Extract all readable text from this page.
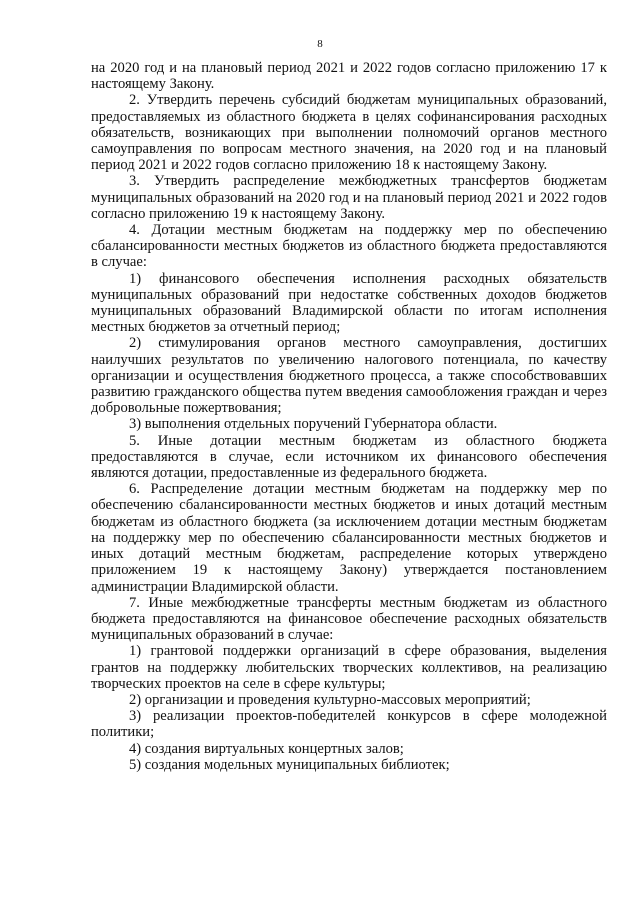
8

на 2020 год и на плановый период 2021 и 2022 годов согласно приложению 17 к настоящему Закону.

2. Утвердить перечень субсидий бюджетам муниципальных образований, предоставляемых из областного бюджета в целях софинансирования расходных обязательств, возникающих при выполнении полномочий органов местного самоуправления по вопросам местного значения, на 2020 год и на плановый период 2021 и 2022 годов согласно приложению 18 к настоящему Закону.

3. Утвердить распределение межбюджетных трансфертов бюджетам муниципальных образований на 2020 год и на плановый период 2021 и 2022 годов согласно приложению 19 к настоящему Закону.

4. Дотации местным бюджетам на поддержку мер по обеспечению сбалансированности местных бюджетов из областного бюджета предоставляются в случае:

1) финансового обеспечения исполнения расходных обязательств муниципальных образований при недостатке собственных доходов бюджетов муниципальных образований Владимирской области по итогам исполнения местных бюджетов за отчетный период;

2) стимулирования органов местного самоуправления, достигших наилучших результатов по увеличению налогового потенциала, по качеству организации и осуществления бюджетного процесса, а также способствовавших развитию гражданского общества путем введения самообложения граждан и через добровольные пожертвования;

3) выполнения отдельных поручений Губернатора области.

5. Иные дотации местным бюджетам из областного бюджета предоставляются в случае, если источником их финансового обеспечения являются дотации, предоставленные из федерального бюджета.

6. Распределение дотации местным бюджетам на поддержку мер по обеспечению сбалансированности местных бюджетов и иных дотаций местным бюджетам из областного бюджета (за исключением дотации местным бюджетам на поддержку мер по обеспечению сбалансированности местных бюджетов и иных дотаций местным бюджетам, распределение которых утверждено приложением 19 к настоящему Закону) утверждается постановлением администрации Владимирской области.

7. Иные межбюджетные трансферты местным бюджетам из областного бюджета предоставляются на финансовое обеспечение расходных обязательств муниципальных образований в случае:

1) грантовой поддержки организаций в сфере образования, выделения грантов на поддержку любительских творческих коллективов, на реализацию творческих проектов на селе в сфере культуры;

2) организации и проведения культурно-массовых мероприятий;

3) реализации проектов-победителей конкурсов в сфере молодежной политики;

4) создания виртуальных концертных залов;

5) создания модельных муниципальных библиотек;
